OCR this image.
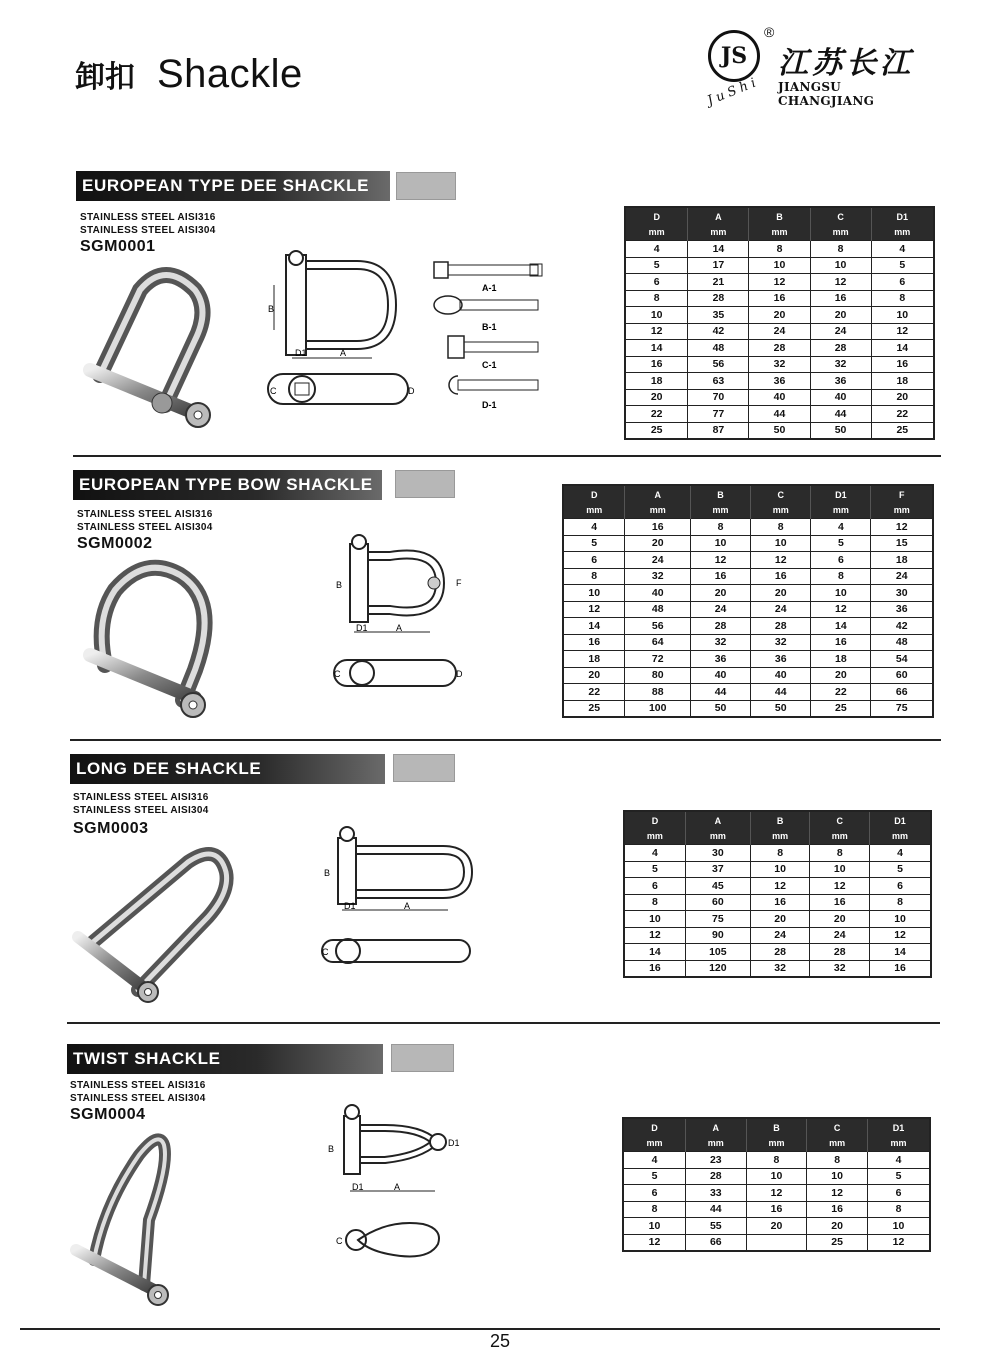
卸扣 Shackle	JS
®
JuShi
江苏长江
JIANGSU CHANGJIANG
EUROPEAN TYPE DEE SHACKLE
STAINLESS STEEL AISI316
STAINLESS STEEL AISI304
SGM0001
B
D1	A
C	D
A-1
B-1
C-1
D-1
D	A	B	C	D1
mm	mm	mm	mm	mm
4	14	8	8	4
5	17	10	10	5
6	21	12	12	6
8	28	16	16	8
10	35	20	20	10
12	42	24	24	12
14	48	28	28	14
16	56	32	32	16
18	63	36	36	18
20	70	40	40	20
22	77	44	44	22
25	87	50	50	25
EUROPEAN TYPE BOW SHACKLE
STAINLESS STEEL AISI316
STAINLESS STEEL AISI304
SGM0002
B	F
D1	A
C	D
D	A	B	C	D1	F
mm	mm	mm	mm	mm	mm
4	16	8	8	4	12
5	20	10	10	5	15
6	24	12	12	6	18
8	32	16	16	8	24
10	40	20	20	10	30
12	48	24	24	12	36
14	56	28	28	14	42
16	64	32	32	16	48
18	72	36	36	18	54
20	80	40	40	20	60
22	88	44	44	22	66
25	100	50	50	25	75
LONG DEE SHACKLE
STAINLESS STEEL AISI316
STAINLESS STEEL AISI304
SGM0003
B
D1	A
C
D	A	B	C	D1
mm	mm	mm	mm	mm
4	30	8	8	4
5	37	10	10	5
6	45	12	12	6
8	60	16	16	8
10	75	20	20	10
12	90	24	24	12
14	105	28	28	14
16	120	32	32	16
TWIST SHACKLE
STAINLESS STEEL AISI316
STAINLESS STEEL AISI304
SGM0004
B
D1
D1	A
C
D	A	B	C	D1
mm	mm	mm	mm	mm
4	23	8	8	4
5	28	10	10	5
6	33	12	12	6
8	44	16	16	8
10	55	20	20	10
12	66		25	12
25
